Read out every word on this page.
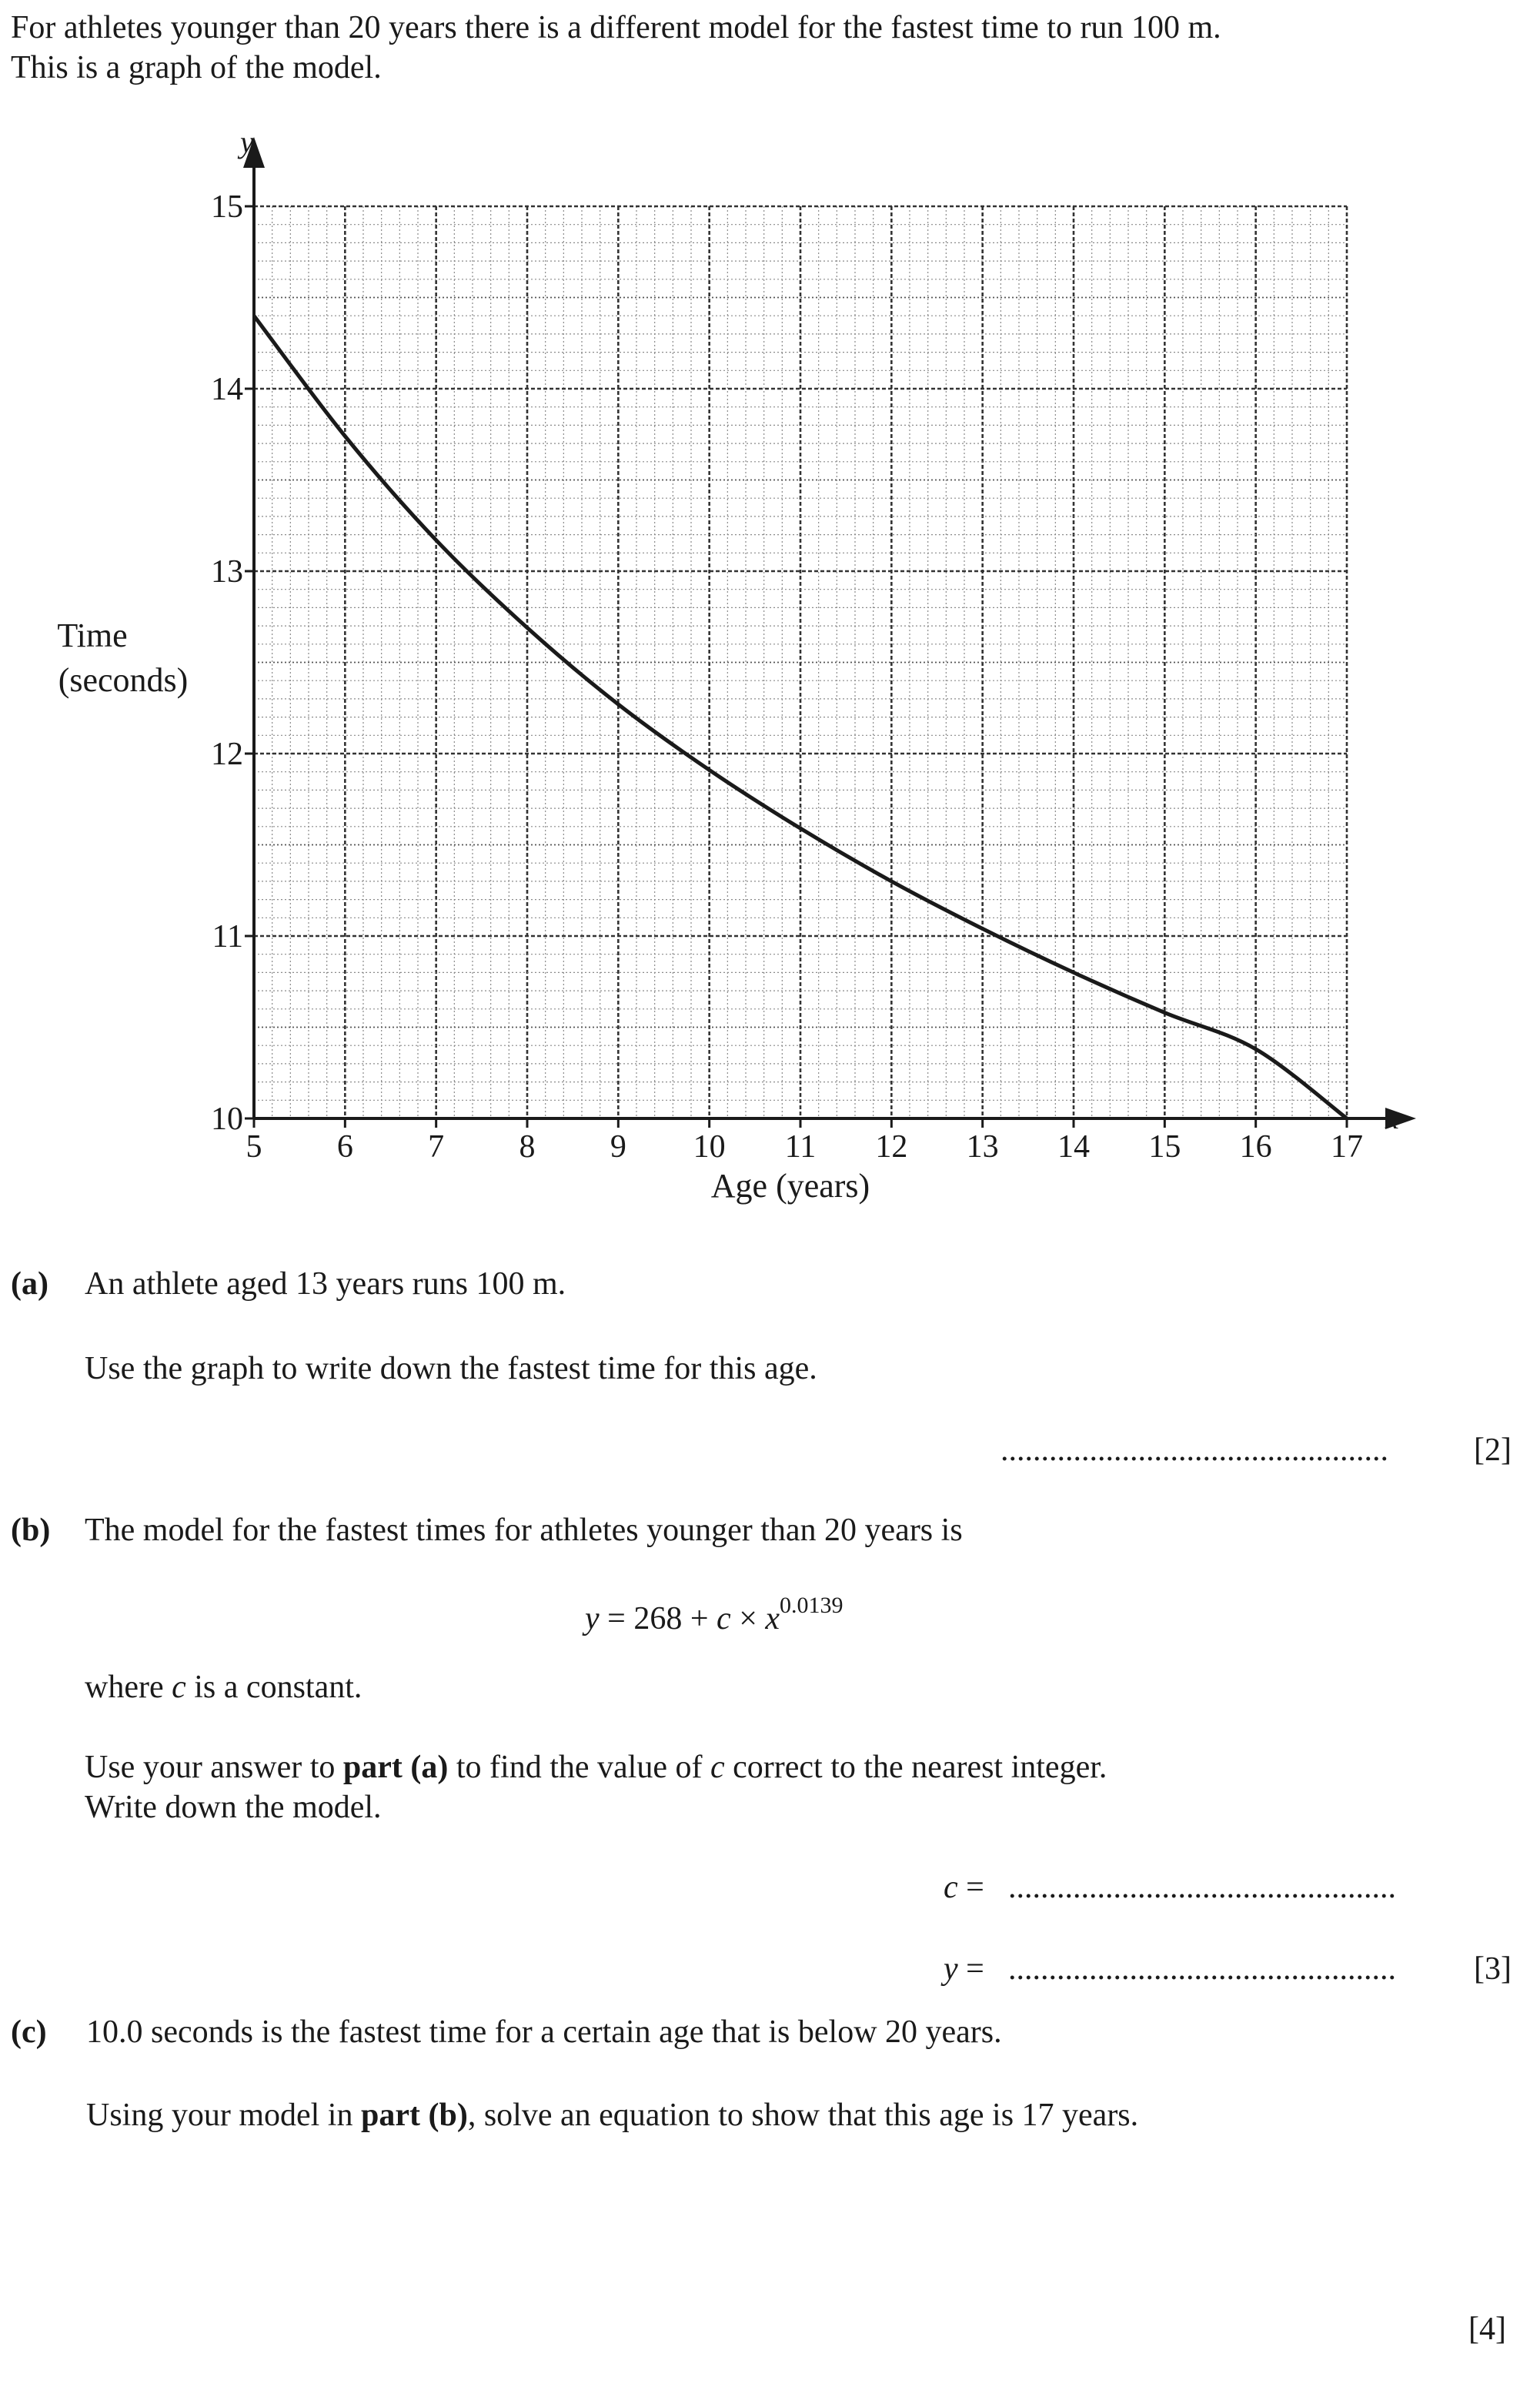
For athletes younger than 20 years there is a different model for the fastest time to run 100 m.
This is a graph of the model.
5 6 7 8 9 10 11 12 13 14 15 16 17
10
11
12
13
14
15
y
x
Age (years)
Time
(seconds)
(a) An athlete aged 13 years runs 100 m.
Use the graph to write down the fastest time for this age.
................................................	[2]
(b) The model for the fastest times for athletes younger than 20 years is
$y = 268 + c \times x^{0.0139}$
where c is a constant.
Use your answer to part (a) to find the value of c correct to the nearest integer.
Write down the model.
c = ................................................
y = ................................................ [3]
(c) 10.0 seconds is the fastest time for a certain age that is below 20 years.
Using your model in part (b), solve an equation to show that this age is 17 years.
[4]
